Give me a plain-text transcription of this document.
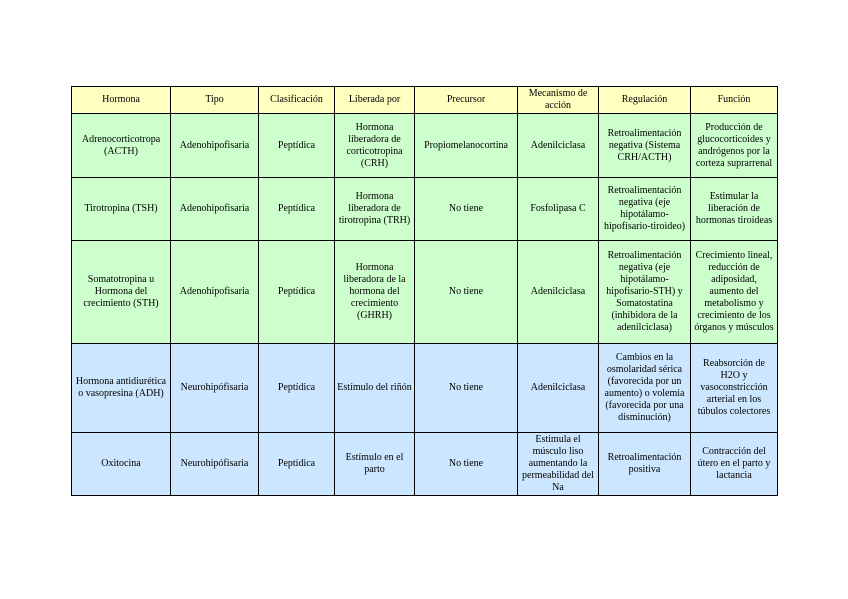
Hormona	Tipo	Clasificación	Liberada por	Precursor	Mecanismo de acción	Regulación	Función
Adrenocorticotropa (ACTH)	Adenohipofisaria	Peptídica	Hormona liberadora de corticotropina (CRH)	Propiomelanocortina	Adenilciclasa	Retroalimentación negativa (Sistema CRH/ACTH)	Producción de glucocorticoides y andrógenos por la corteza suprarrenal
Tirotropina (TSH)	Adenohipofisaria	Peptídica	Hormona liberadora de tirotropina (TRH)	No tiene	Fosfolipasa C	Retroalimentación negativa (eje hipotálamo-hipofisario-tiroideo)	Estimular la liberación de hormonas tiroideas
Somatotropina u Hormona del crecimiento (STH)	Adenohipofisaria	Peptídica	Hormona liberadora de la hormona del crecimiento (GHRH)	No tiene	Adenilciclasa	Retroalimentación negativa (eje hipotálamo-hipofisario-STH) y Somatostatina (inhibidora de la adenilciclasa)	Crecimiento lineal, reducción de adiposidad, aumento del metabolismo y crecimiento de los órganos y músculos
Hormona antidiurética o vasopresina (ADH)	Neurohipófisaria	Peptídica	Estímulo del riñón	No tiene	Adenilciclasa	Cambios en la osmolaridad sérica (favorecida por un aumento) o volemia (favorecida por una disminución)	Reabsorción de H2O y vasoconstricción arterial en los túbulos colectores
Oxitocina	Neurohipófisaria	Peptídica	Estímulo en el parto	No tiene	Estimula el músculo liso aumentando la permeabilidad del Na	Retroalimentación positiva	Contracción del útero en el parto y lactancia
